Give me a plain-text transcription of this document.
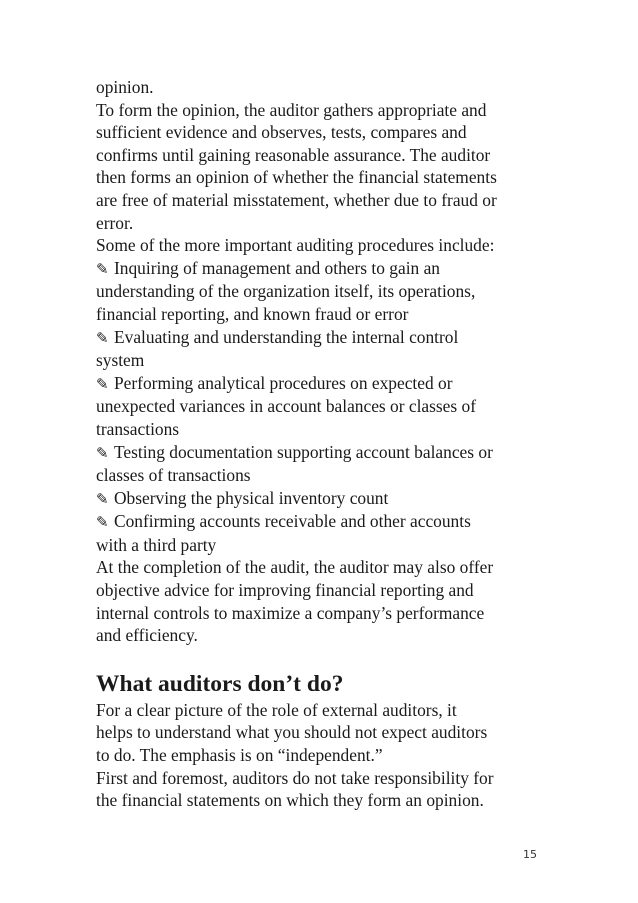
opinion.
To form the opinion, the auditor gathers appropriate and
sufficient evidence and observes, tests, compares and
confirms until gaining reasonable assurance. The auditor
then forms an opinion of whether the financial statements
are free of material misstatement, whether due to fraud or
error.
Some of the more important auditing procedures include:
✎ Inquiring of management and others to gain an
understanding of the organization itself, its operations,
financial reporting, and known fraud or error
✎ Evaluating and understanding the internal control
system
✎ Performing analytical procedures on expected or
unexpected variances in account balances or classes of
transactions
✎ Testing documentation supporting account balances or
classes of transactions
✎ Observing the physical inventory count
✎ Confirming accounts receivable and other accounts
with a third party
At the completion of the audit, the auditor may also offer
objective advice for improving financial reporting and
internal controls to maximize a company’s performance
and efficiency.
What auditors don’t do?
For a clear picture of the role of external auditors, it
helps to understand what you should not expect auditors
to do. The emphasis is on “independent.”
First and foremost, auditors do not take responsibility for
the financial statements on which they form an opinion.
15
